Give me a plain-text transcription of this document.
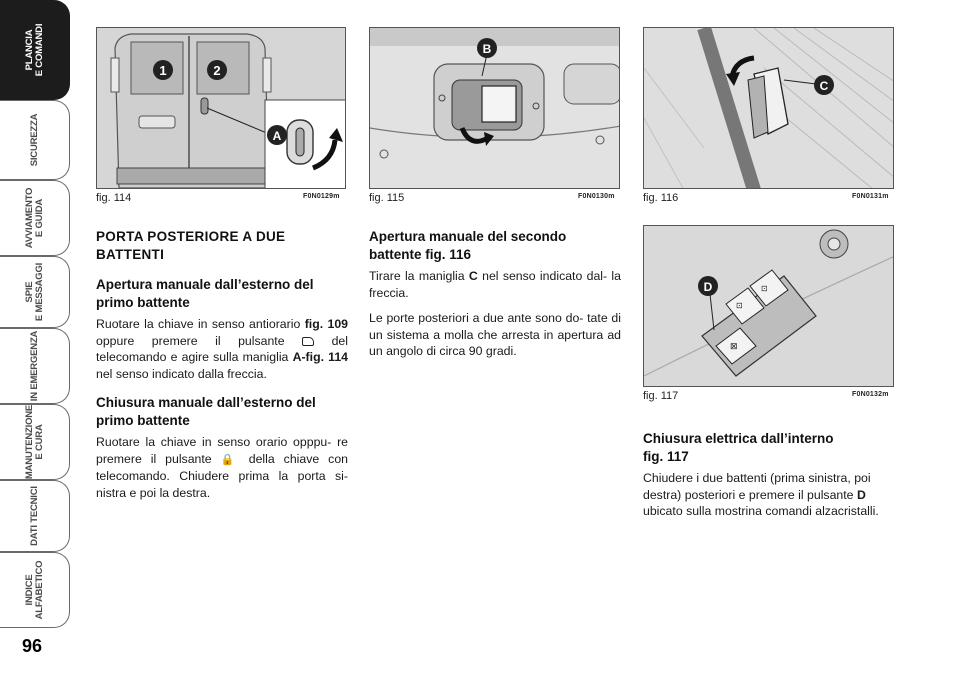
PLANCIA
E COMANDI
SICUREZZA
AVVIAMENTO
E GUIDA
SPIE
E MESSAGGI
IN EMERGENZA
MANUTENZIONE
E CURA
DATI TECNICI
INDICE
ALFABETICO
96
1	2
A
fig. 114	F0N0129m
B
fig. 115	F0N0130m
C
fig. 116	F0N0131m
⊡
⊡
⊠
D
fig. 117	F0N0132m
PORTA POSTERIORE A DUE BATTENTI
Apertura manuale dall’esterno del primo battente
Ruotare la chiave in senso antiorario fig. 109 oppure premere il pulsante  del telecomando e agire sulla maniglia A-fig. 114 nel senso indicato dalla freccia.
Chiusura manuale dall’esterno del primo battente
Ruotare la chiave in senso orario opppu- re premere il pulsante 🔒 della chiave con telecomando. Chiudere prima la porta si- nistra e poi la destra.
Apertura manuale del secondo battente fig. 116
Tirare la maniglia C nel senso indicato dal- la freccia.
Le porte posteriori a due ante sono do- tate di un sistema a molla che arresta in apertura ad un angolo di circa 90 gradi.
Chiusura elettrica dall’interno
fig. 117
Chiudere i due battenti (prima sinistra, poi destra) posteriori e premere il pulsante D ubicato sulla mostrina comandi alzacristalli.
